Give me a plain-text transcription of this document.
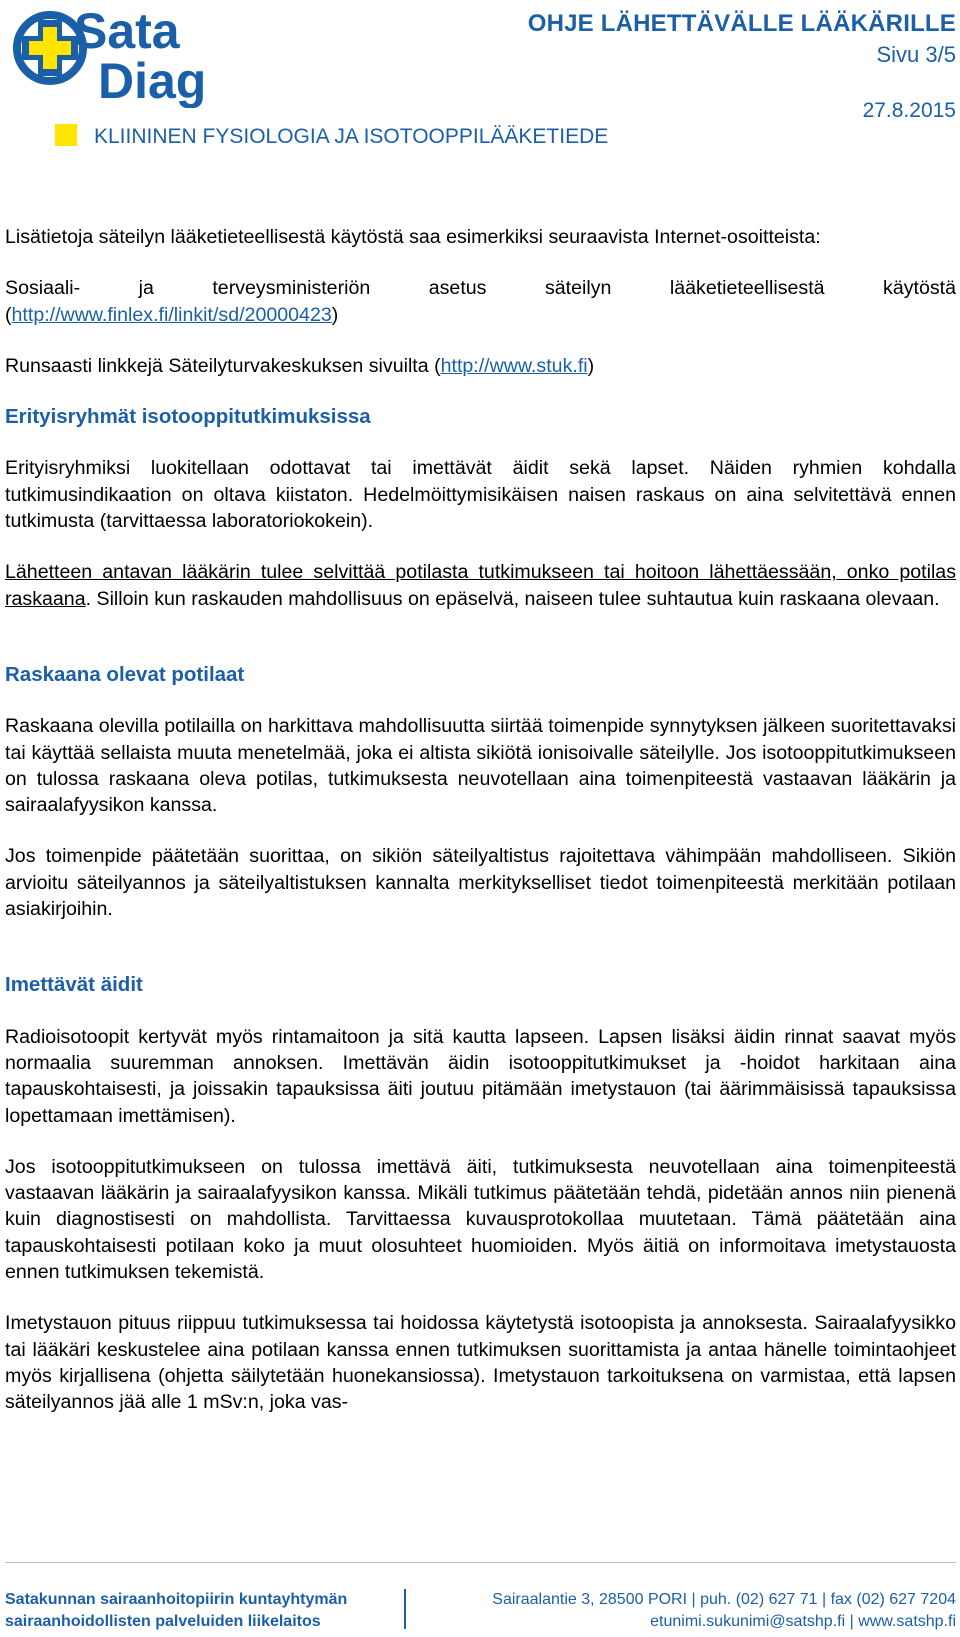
Sata
Diag
OHJE LÄHETTÄVÄLLE LÄÄKÄRILLE
Sivu 3/5
27.8.2015
KLIININEN FYSIOLOGIA JA ISOTOOPPILÄÄKETIEDE

Lisätietoja säteilyn lääketieteellisestä käytöstä saa esimerkiksi seuraavista Internet-osoitteista:

Sosiaali- ja terveysministeriön asetus säteilyn lääketieteellisestä käytöstä (http://www.finlex.fi/linkit/sd/20000423)

Runsaasti linkkejä Säteilyturvakeskuksen sivuilta (http://www.stuk.fi)

Erityisryhmät isotooppitutkimuksissa

Erityisryhmiksi luokitellaan odottavat tai imettävät äidit sekä lapset. Näiden ryhmien kohdalla tutkimusindikaation on oltava kiistaton. Hedelmöittymisikäisen naisen raskaus on aina selvitettävä ennen tutkimusta (tarvittaessa laboratoriokokein).

Lähetteen antavan lääkärin tulee selvittää potilasta tutkimukseen tai hoitoon lähettäessään, onko potilas raskaana. Silloin kun raskauden mahdollisuus on epäselvä, naiseen tulee suhtautua kuin raskaana olevaan.

Raskaana olevat potilaat

Raskaana olevilla potilailla on harkittava mahdollisuutta siirtää toimenpide synnytyksen jälkeen suoritettavaksi tai käyttää sellaista muuta menetelmää, joka ei altista sikiötä ionisoivalle säteilylle. Jos isotooppitutkimukseen on tulossa raskaana oleva potilas, tutkimuksesta neuvotellaan aina toimenpiteestä vastaavan lääkärin ja sairaalafyysikon kanssa.

Jos toimenpide päätetään suorittaa, on sikiön säteilyaltistus rajoitettava vähimpään mahdolliseen. Sikiön arvioitu säteilyannos ja säteilyaltistuksen kannalta merkitykselliset tiedot toimenpiteestä merkitään potilaan asiakirjoihin.

Imettävät äidit

Radioisotoopit kertyvät myös rintamaitoon ja sitä kautta lapseen. Lapsen lisäksi äidin rinnat saavat myös normaalia suuremman annoksen. Imettävän äidin isotooppitutkimukset ja -hoidot harkitaan aina tapauskohtaisesti, ja joissakin tapauksissa äiti joutuu pitämään imetystauon (tai äärimmäisissä tapauksissa lopettamaan imettämisen).

Jos isotooppitutkimukseen on tulossa imettävä äiti, tutkimuksesta neuvotellaan aina toimenpiteestä vastaavan lääkärin ja sairaalafyysikon kanssa. Mikäli tutkimus päätetään tehdä, pidetään annos niin pienenä kuin diagnostisesti on mahdollista. Tarvittaessa kuvausprotokollaa muutetaan. Tämä päätetään aina tapauskohtaisesti potilaan koko ja muut olosuhteet huomioiden. Myös äitiä on informoitava imetystauosta ennen tutkimuksen tekemistä.

Imetystauon pituus riippuu tutkimuksessa tai hoidossa käytetystä isotoopista ja annoksesta. Sairaalafyysikko tai lääkäri keskustelee aina potilaan kanssa ennen tutkimuksen suorittamista ja antaa hänelle toimintaohjeet myös kirjallisena (ohjetta säilytetään huonekansiossa). Imetystauon tarkoituksena on varmistaa, että lapsen säteilyannos jää alle 1 mSv:n, joka vas-

Satakunnan sairaanhoitopiirin kuntayhtymän
sairaanhoidollisten palveluiden liikelaitos
Sairaalantie 3, 28500 PORI | puh. (02) 627 71 | fax (02) 627 7204
etunimi.sukunimi@satshp.fi | www.satshp.fi
